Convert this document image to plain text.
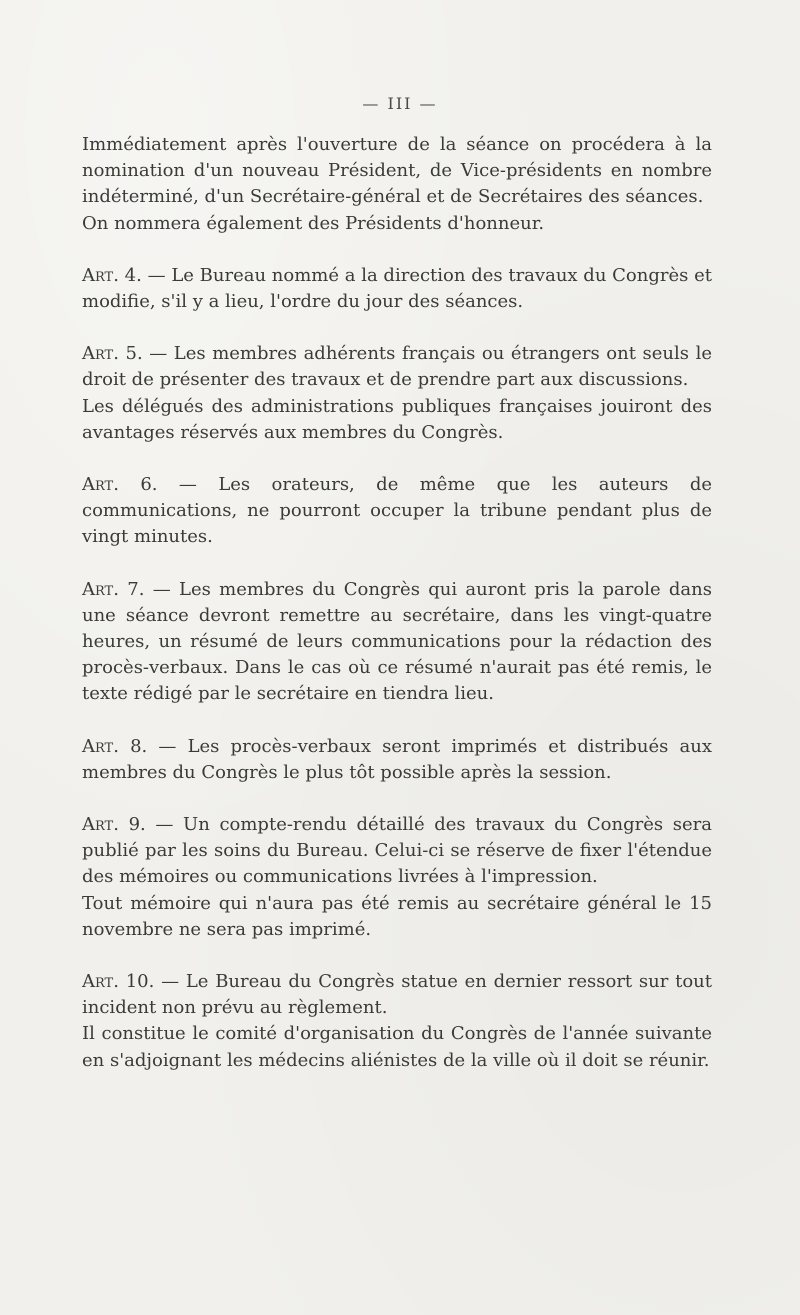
— III —

Immédiatement après l'ouverture de la séance on procédera à la nomination d'un nouveau Président, de Vice-présidents en nombre indéterminé, d'un Secrétaire-général et de Secrétaires des séances.

On nommera également des Présidents d'honneur.

Art. 4. — Le Bureau nommé a la direction des travaux du Congrès et modifie, s'il y a lieu, l'ordre du jour des séances.

Art. 5. — Les membres adhérents français ou étrangers ont seuls le droit de présenter des travaux et de prendre part aux discussions.

Les délégués des administrations publiques françaises jouiront des avantages réservés aux membres du Congrès.

Art. 6. — Les orateurs, de même que les auteurs de communications, ne pourront occuper la tribune pendant plus de vingt minutes.

Art. 7. — Les membres du Congrès qui auront pris la parole dans une séance devront remettre au secrétaire, dans les vingt-quatre heures, un résumé de leurs communications pour la rédaction des procès-verbaux. Dans le cas où ce résumé n'aurait pas été remis, le texte rédigé par le secrétaire en tiendra lieu.

Art. 8. — Les procès-verbaux seront imprimés et distribués aux membres du Congrès le plus tôt possible après la session.

Art. 9. — Un compte-rendu détaillé des travaux du Congrès sera publié par les soins du Bureau. Celui-ci se réserve de fixer l'étendue des mémoires ou communications livrées à l'impression.

Tout mémoire qui n'aura pas été remis au secrétaire général le 15 novembre ne sera pas imprimé.

Art. 10. — Le Bureau du Congrès statue en dernier ressort sur tout incident non prévu au règlement.

Il constitue le comité d'organisation du Congrès de l'année suivante en s'adjoignant les médecins aliénistes de la ville où il doit se réunir.
